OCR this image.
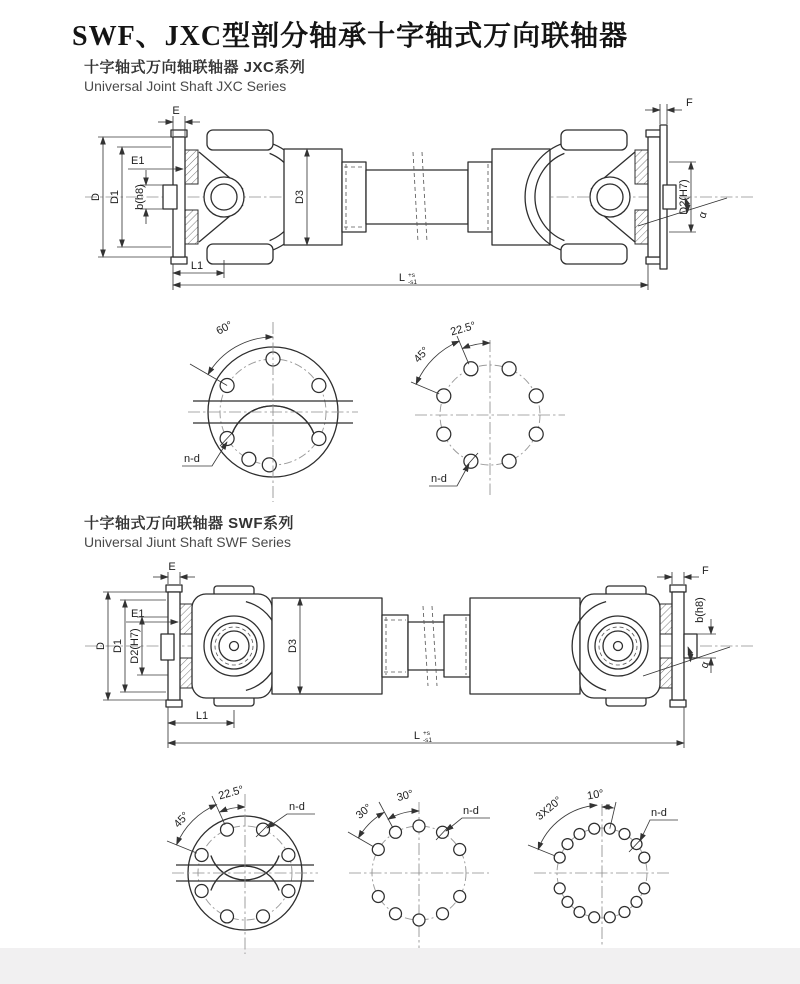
SWF、JXC型剖分轴承十字轴式万向联轴器
十字轴式万向轴联轴器 JXC系列
Universal Joint Shaft JXC Series
E
E1
D D1 b(h8)	D3
F
D2(H7)
α
L1
L +s
-s1
60°
n-d
22.5°
45°
n-d
十字轴式万向联轴器 SWF系列
Universal Jiunt Shaft SWF Series
E
E1
D D1 D2(H7)	D3
F
b(h8)
α
L1
L +s
-s1
22.5°
45°
n-d
30°
30°	n-d
10°
3X20°	n-d
